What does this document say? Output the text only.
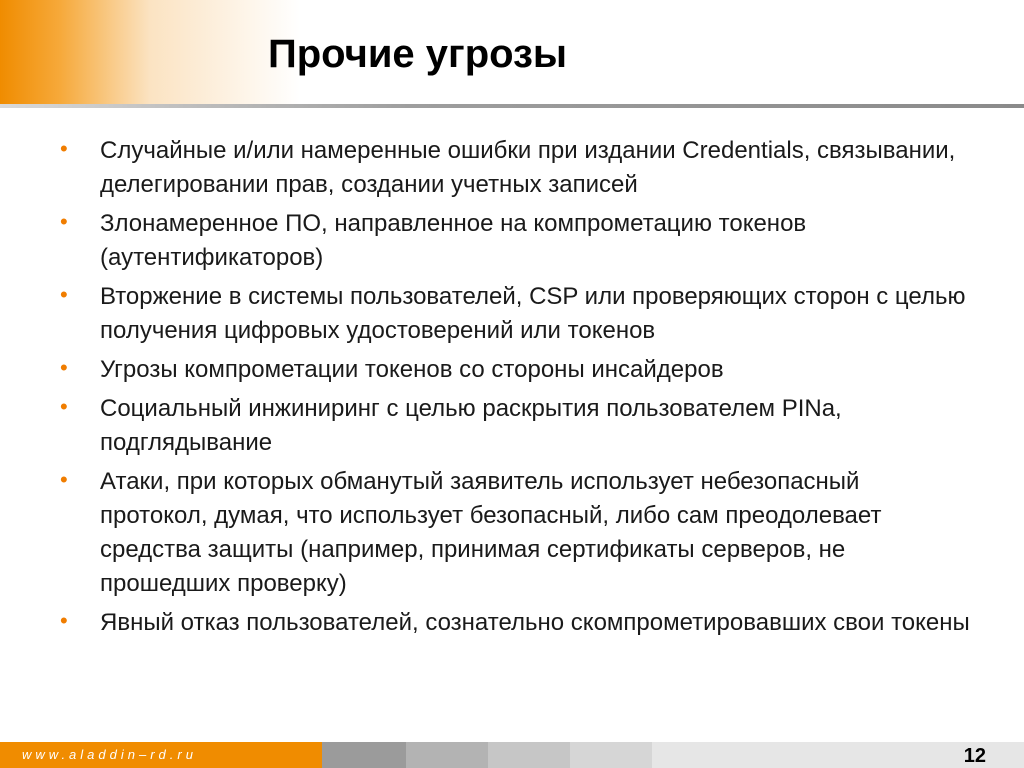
Прочие угрозы
• Случайные и/или намеренные ошибки при издании Credentials, связывании, делегировании прав, создании учетных записей
• Злонамеренное ПО, направленное на компрометацию токенов (аутентификаторов)
• Вторжение в системы пользователей, CSP или проверяющих сторон с целью получения цифровых удостоверений или токенов
• Угрозы компрометации токенов со стороны инсайдеров
• Социальный инжиниринг с целью раскрытия пользователем PINa, подглядывание
• Атаки, при которых обманутый заявитель использует небезопасный протокол, думая, что использует безопасный, либо сам преодолевает средства защиты (например, принимая сертификаты серверов, не прошедших проверку)
• Явный отказ пользователей, сознательно скомпрометировавших свои токены
www.aladdin–rd.ru	12
